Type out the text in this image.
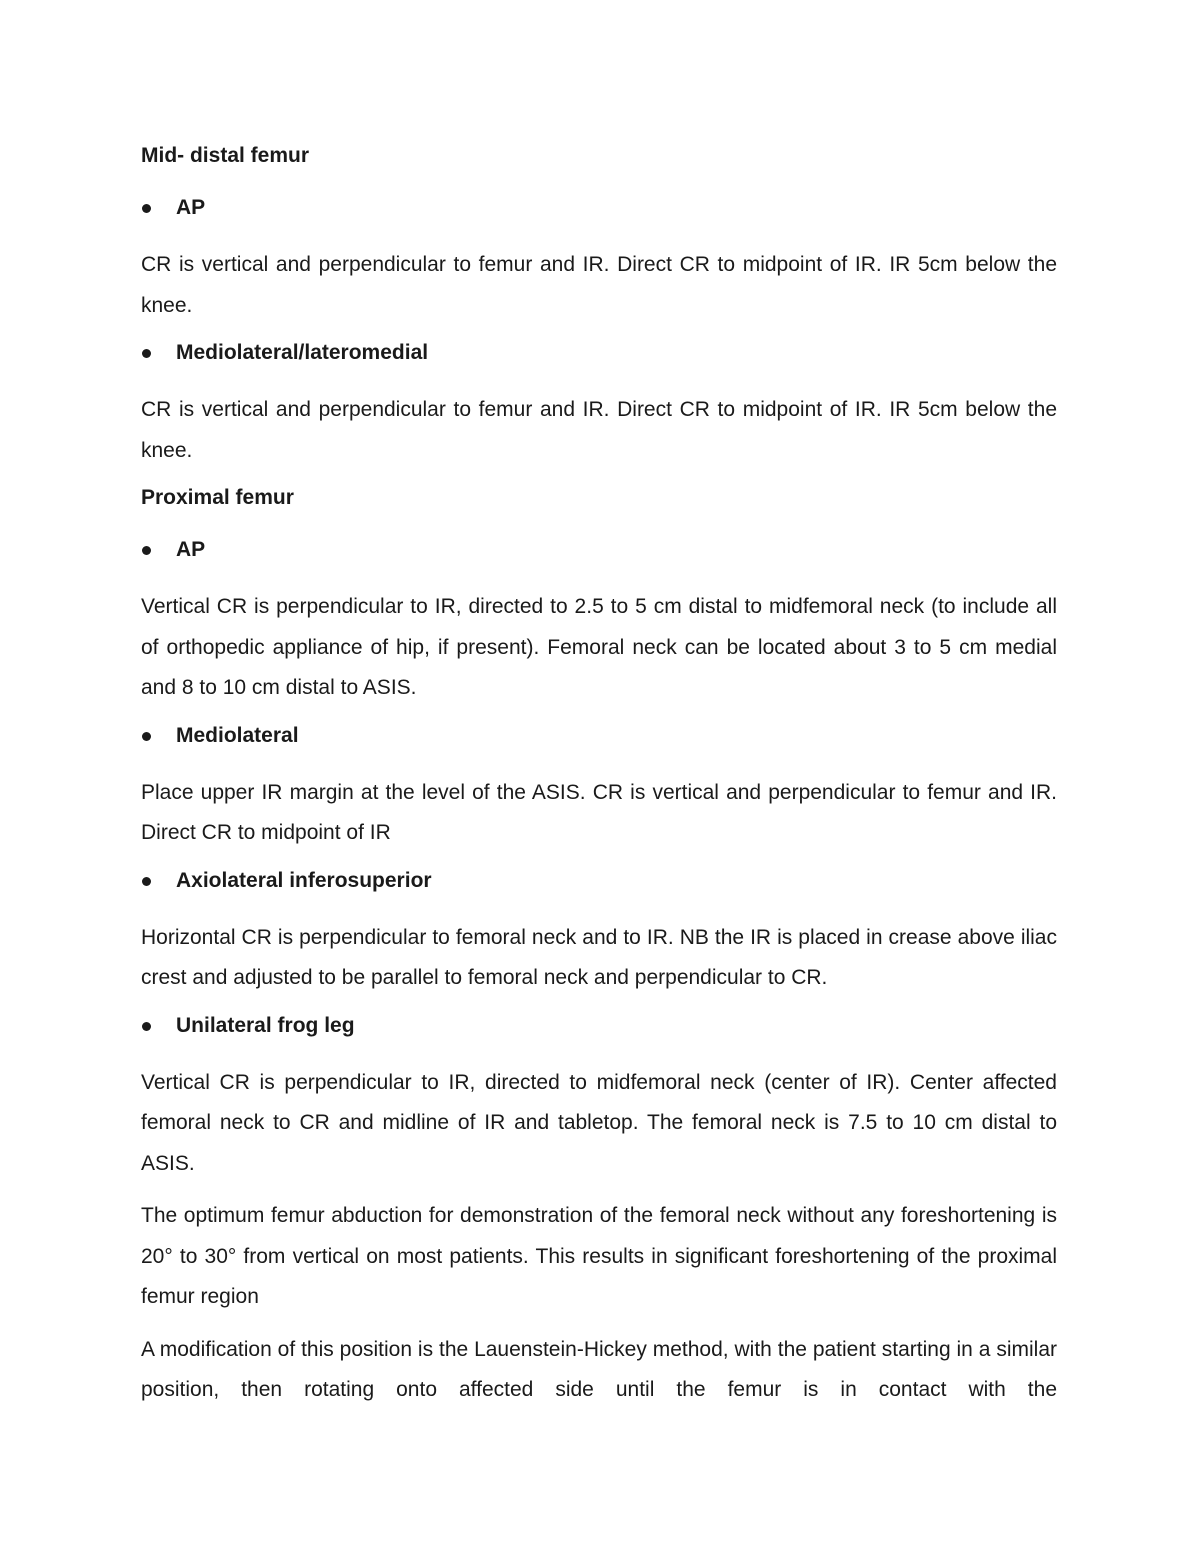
Mid- distal femur
AP

CR is vertical and perpendicular to femur and IR. Direct CR to midpoint of IR. IR 5cm below the knee.

Mediolateral/lateromedial

CR is vertical and perpendicular to femur and IR. Direct CR to midpoint of IR. IR 5cm below the knee.

Proximal femur
AP

Vertical CR is perpendicular to IR, directed to 2.5 to 5 cm distal to midfemoral neck (to include all of orthopedic appliance of hip, if present). Femoral neck can be located about 3 to 5 cm medial and 8 to 10 cm distal to ASIS.

Mediolateral

Place upper IR margin at the level of the ASIS. CR is vertical and perpendicular to femur and IR. Direct CR to midpoint of IR

Axiolateral inferosuperior

Horizontal CR is perpendicular to femoral neck and to IR. NB the IR is placed in crease above iliac crest and adjusted to be parallel to femoral neck and perpendicular to CR.

Unilateral frog leg

Vertical CR is perpendicular to IR, directed to midfemoral neck (center of IR). Center affected femoral neck to CR and midline of IR and tabletop. The femoral neck is 7.5 to 10 cm distal to ASIS.

The optimum femur abduction for demonstration of the femoral neck without any foreshortening is 20° to 30° from vertical on most patients. This results in significant foreshortening of the proximal femur region

A modification of this position is the Lauenstein-Hickey method, with the patient starting in a similar position, then rotating onto affected side until the femur is in contact with the
